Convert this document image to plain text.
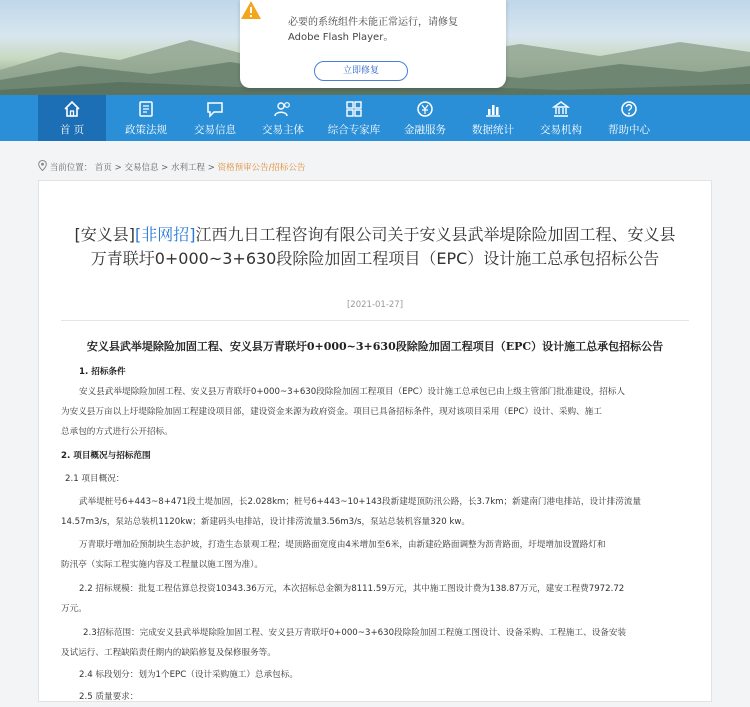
必要的系统组件未能正常运行，请修复 Adobe Flash Player。
立即修复
首 页	政策法规	交易信息	交易主体	综合专家库	金融服务	数据统计	交易机构	帮助中心
当前位置： 首页 > 交易信息 > 水利工程 > 资格预审公告/招标公告
[安义县][非网招]江西九日工程咨询有限公司关于安义县武举堤除险加固工程、安义县万青联圩0+000~3+630段除险加固工程项目（EPC）设计施工总承包招标公告
[2021-01-27]
安义县武举堤除险加固工程、安义县万青联圩0+000~3+630段除险加固工程项目（EPC）设计施工总承包招标公告
1. 招标条件
安义县武举堤除险加固工程、安义县万青联圩0+000~3+630段除险加固工程项目（EPC）设计施工总承包已由上级主管部门批准建设，招标人
为安义县万亩以上圩堤除险加固工程建设项目部，建设资金来源为政府资金。项目已具备招标条件，现对该项目采用（EPC）设计、采购、施工
总承包的方式进行公开招标。
2. 项目概况与招标范围
2.1 项目概况：
武举堤桩号6+443~8+471段土堤加固，长2.028km；桩号6+443~10+143段新建堤顶防汛公路，长3.7km；新建南门港电排站，设计排涝流量
14.57m3/s，泵站总装机1120kw；新建码头电排站，设计排涝流量3.56m3/s，泵站总装机容量320 kw。
万青联圩增加砼预制块生态护坡，打造生态景观工程；堤顶路面宽度由4米增加至6米，由新建砼路面调整为沥青路面，圩堤增加设置路灯和
防汛亭（实际工程实施内容及工程量以施工图为准）。
2.2 招标规模：批复工程估算总投资10343.36万元，本次招标总金额为8111.59万元，其中施工图设计费为138.87万元，建安工程费7972.72
万元。
2.3招标范围：完成安义县武举堤除险加固工程、安义县万青联圩0+000~3+630段除险加固工程施工图设计、设备采购、工程施工、设备安装
及试运行、工程缺陷责任期内的缺陷修复及保修服务等。
2.4 标段划分：划为1个EPC（设计采购施工）总承包标。
2.5 质量要求：
